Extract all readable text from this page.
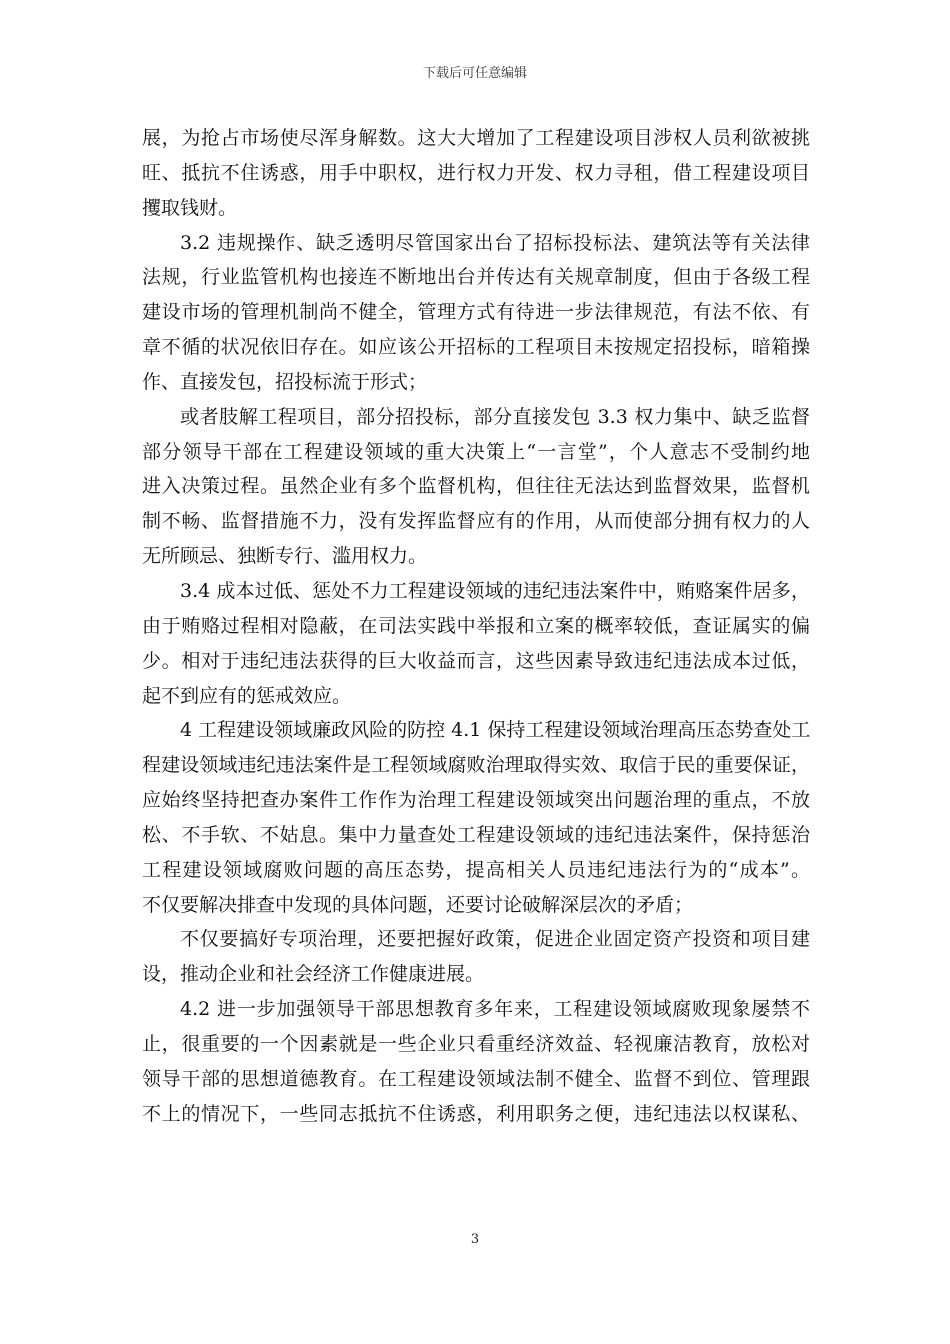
下载后可任意编辑
展，为抢占市场使尽浑身解数。这大大增加了工程建设项目涉权人员利欲被挑
旺、抵抗不住诱惑，用手中职权，进行权力开发、权力寻租，借工程建设项目
攫取钱财。
3.2 违规操作、缺乏透明尽管国家出台了招标投标法、建筑法等有关法律
法规，行业监管机构也接连不断地出台并传达有关规章制度，但由于各级工程
建设市场的管理机制尚不健全，管理方式有待进一步法律规范，有法不依、有
章不循的状况依旧存在。如应该公开招标的工程项目未按规定招投标，暗箱操
作、直接发包，招投标流于形式；
或者肢解工程项目，部分招投标，部分直接发包 3.3 权力集中、缺乏监督
部分领导干部在工程建设领域的重大决策上“一言堂”，个人意志不受制约地
进入决策过程。虽然企业有多个监督机构，但往往无法达到监督效果，监督机
制不畅、监督措施不力，没有发挥监督应有的作用，从而使部分拥有权力的人
无所顾忌、独断专行、滥用权力。
3.4 成本过低、惩处不力工程建设领域的违纪违法案件中，贿赂案件居多，
由于贿赂过程相对隐蔽，在司法实践中举报和立案的概率较低，查证属实的偏
少。相对于违纪违法获得的巨大收益而言，这些因素导致违纪违法成本过低，
起不到应有的惩戒效应。
4 工程建设领域廉政风险的防控 4.1 保持工程建设领域治理高压态势查处工
程建设领域违纪违法案件是工程领域腐败治理取得实效、取信于民的重要保证，
应始终坚持把查办案件工作作为治理工程建设领域突出问题治理的重点，不放
松、不手软、不姑息。集中力量查处工程建设领域的违纪违法案件，保持惩治
工程建设领域腐败问题的高压态势，提高相关人员违纪违法行为的“成本”。
不仅要解决排查中发现的具体问题，还要讨论破解深层次的矛盾；
不仅要搞好专项治理，还要把握好政策，促进企业固定资产投资和项目建
设，推动企业和社会经济工作健康进展。
4.2 进一步加强领导干部思想教育多年来，工程建设领域腐败现象屡禁不
止，很重要的一个因素就是一些企业只看重经济效益、轻视廉洁教育，放松对
领导干部的思想道德教育。在工程建设领域法制不健全、监督不到位、管理跟
不上的情况下，一些同志抵抗不住诱惑，利用职务之便，违纪违法以权谋私、
3
